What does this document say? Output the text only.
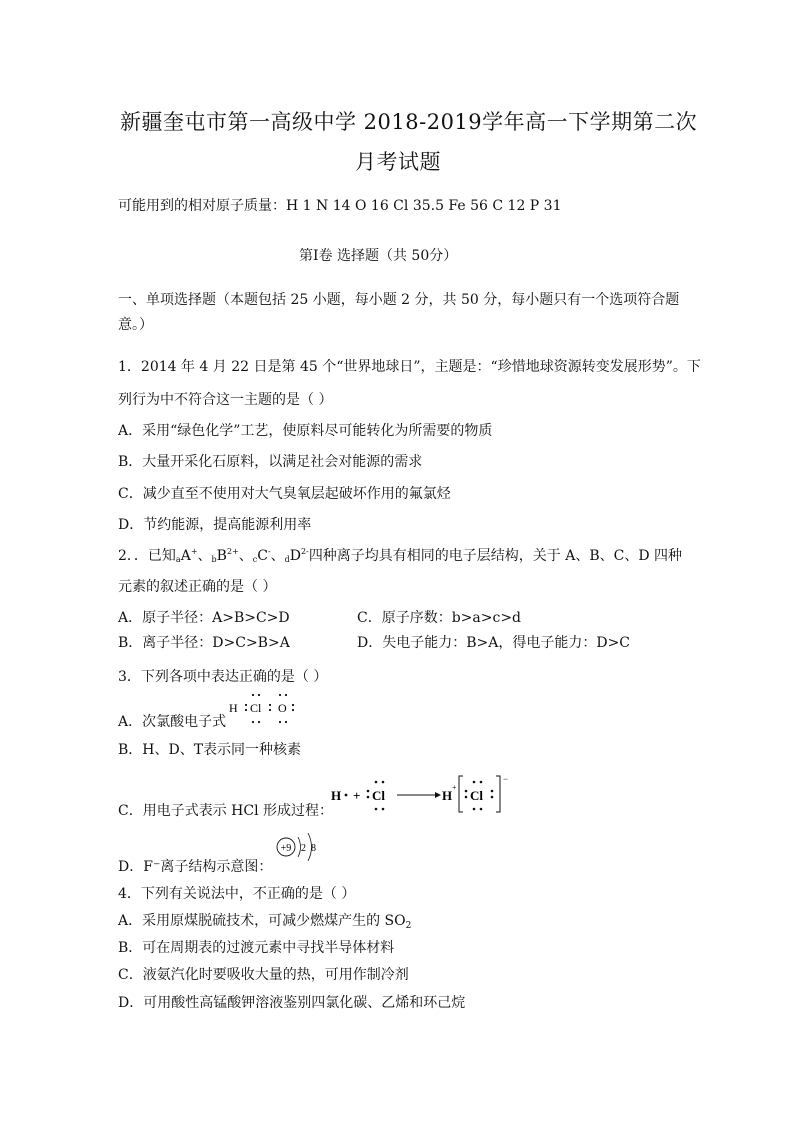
新疆奎屯市第一高级中学 2018-2019学年高一下学期第二次
月考试题
可能用到的相对原子质量：H 1 N 14 O 16 Cl 35.5 Fe 56 C 12 P 31
第Ⅰ卷 选择题（共 50分）
一、单项选择题（本题包括 25 小题，每小题 2 分，共 50 分，每小题只有一个选项符合题
意。）
1．2014 年 4 月 22 日是第 45 个“世界地球日”，主题是：“珍惜地球资源转变发展形势”。下
列行为中不符合这一主题的是（ ）
A．采用“绿色化学”工艺，使原料尽可能转化为所需要的物质
B．大量开采化石原料，以满足社会对能源的需求
C．减少直至不使用对大气臭氧层起破坏作用的氟氯烃
D．节约能源，提高能源利用率
2．．已知aA+、$bB^{2+}$、cC-、$dD^{2-}$四种离子均具有相同的电子层结构，关于 A、B、C、D 四种
元素的叙述正确的是（ ）
A．原子半径：A>B>C>D	C．原子序数：b>a>c>d
B．离子半径：D>C>B>A	D．失电子能力：B>A，得电子能力：D>C
3．下列各项中表达正确的是（ ）
A．次氯酸电子式
H Cl O
B．H、D、T表示同一种核素
C．用电子式表示 HCl 形成过程：
H + Cl	H
+
Cl
−
D．F⁻离子结构示意图：
+9 2 8
4．下列有关说法中，不正确的是（ ）
A．采用原煤脱硫技术，可减少燃煤产生的 $SO_2$
B．可在周期表的过渡元素中寻找半导体材料
C．液氨汽化时要吸收大量的热，可用作制冷剂
D．可用酸性高锰酸钾溶液鉴别四氯化碳、乙烯和环己烷
